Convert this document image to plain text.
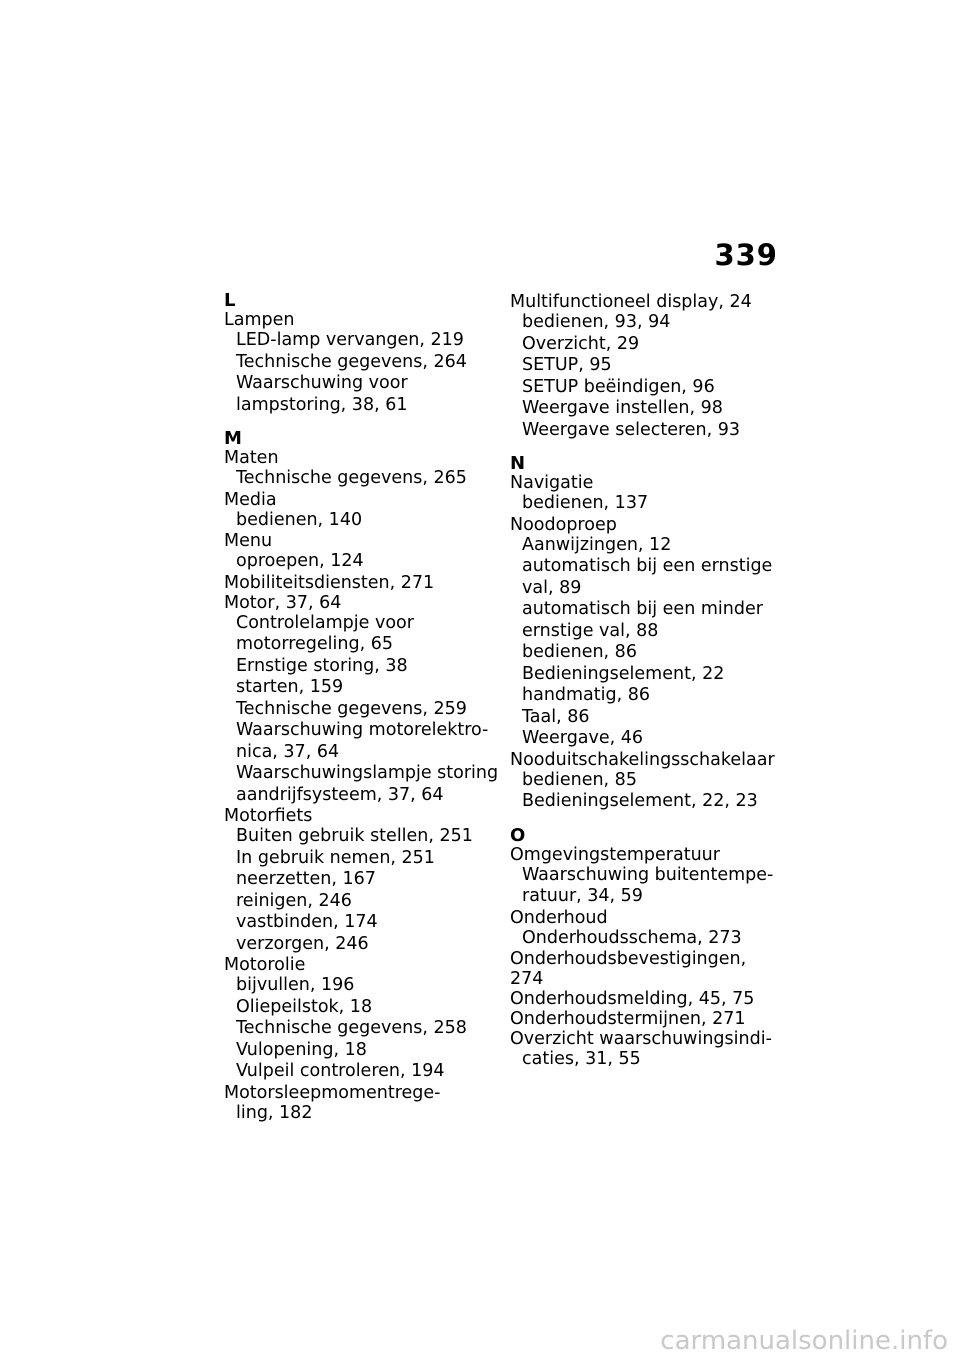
339
L
Lampen
LED-lamp vervangen, 219
Technische gegevens, 264
Waarschuwing voor
lampstoring, 38, 61
M
Maten
Technische gegevens, 265
Media
bedienen, 140
Menu
oproepen, 124
Mobiliteitsdiensten, 271
Motor, 37, 64
Controlelampje voor
motorregeling, 65
Ernstige storing, 38
starten, 159
Technische gegevens, 259
Waarschuwing motorelektro-
nica, 37, 64
Waarschuwingslampje storing
aandrijfsysteem, 37, 64
Motorfiets
Buiten gebruik stellen, 251
In gebruik nemen, 251
neerzetten, 167
reinigen, 246
vastbinden, 174
verzorgen, 246
Motorolie
bijvullen, 196
Oliepeilstok, 18
Technische gegevens, 258
Vulopening, 18
Vulpeil controleren, 194
Motorsleepmomentrege-
ling, 182
Multifunctioneel display, 24
bedienen, 93, 94
Overzicht, 29
SETUP, 95
SETUP beëindigen, 96
Weergave instellen, 98
Weergave selecteren, 93
N
Navigatie
bedienen, 137
Noodoproep
Aanwijzingen, 12
automatisch bij een ernstige
val, 89
automatisch bij een minder
ernstige val, 88
bedienen, 86
Bedieningselement, 22
handmatig, 86
Taal, 86
Weergave, 46
Nooduitschakelingsschakelaar
bedienen, 85
Bedieningselement, 22, 23
O
Omgevingstemperatuur
Waarschuwing buitentempe-
ratuur, 34, 59
Onderhoud
Onderhoudsschema, 273
Onderhoudsbevestigingen, 274
Onderhoudsmelding, 45, 75
Onderhoudstermijnen, 271
Overzicht waarschuwingsindi-
caties, 31, 55
carmanualsonline.info
